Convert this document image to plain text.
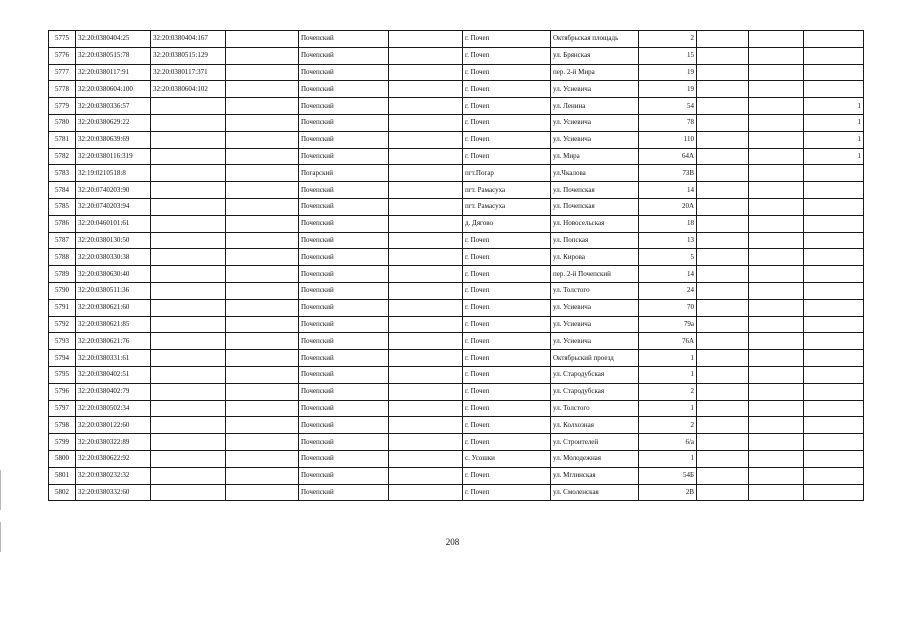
5775	32:20:0380404:25	32:20:0380404:167		Почепский		г. Почеп	Октябрьская площадь	2			
5776	32:20:0380515:78	32:20:0380515:129		Почепский		г. Почеп	ул. Брянская	15			
5777	32:20:0380117:91	32:20:0380117:371		Почепский		г. Почеп	пер. 2-й Мира	19			
5778	32:20:0380604:100	32:20:0380604:102		Почепский		г. Почеп	ул. Усиевича	19			
5779	32:20:0380336:57			Почепский		г. Почеп	ул. Ленина	54			1
5780	32:20:0380629:22			Почепский		г. Почеп	ул. Усиевича	78			1
5781	32:20:0380639:69			Почепский		г. Почеп	ул. Усиевича	110			1
5782	32:20:0380116:319			Почепский		г. Почеп	ул. Мира	64А			1
5783	32:19:0210518:8			Погарский		пгт.Погар	ул.Чкалова	73В			
5784	32:20:0740203:90			Почепский		пгт. Рамасуха	ул. Почепская	14			
5785	32:20:0740203:94			Почепский		пгт. Рамасуха	ул. Почепская	20А			
5786	32:20:0460101:61			Почепский		д. Дягово	ул. Новосельская	18			
5787	32:20:0380130:50			Почепский		г. Почеп	ул. Попская	13			
5788	32:20:0380330:38			Почепский		г. Почеп	ул. Кирова	5			
5789	32:20:0380630:40			Почепский		г. Почеп	пер. 2-й Почепский	14			
5790	32:20:0380511:36			Почепский		г. Почеп	ул. Толстого	24			
5791	32:20:0380621:60			Почепский		г. Почеп	ул. Усиевича	70			
5792	32:20:0380621:85			Почепский		г. Почеп	ул. Усиевича	79а			
5793	32:20:0380621:76			Почепский		г. Почеп	ул. Усиевича	76А			
5794	32:20:0380331:61			Почепский		г. Почеп	Октябрьский проезд	1			
5795	32:20:0380402:51			Почепский		г. Почеп	ул. Стародубская	1			
5796	32:20:0380402:79			Почепский		г. Почеп	ул. Стародубская	2			
5797	32:20:0380502:34			Почепский		г. Почеп	ул. Толстого	1			
5798	32:20:0380122:60			Почепский		г. Почеп	ул. Колхозная	2			
5799	32:20:0380322:89			Почепский		г. Почеп	ул. Строителей	6/а			
5800	32:20:0380622:92			Почепский		с. Усошки	ул. Молодежная	1			
5801	32:20:0380232:32			Почепский		г. Почеп	ул. Мглинская	54Б			
5802	32:20:0380332:60			Почепский		г. Почеп	ул. Смоленская	2В			
208
